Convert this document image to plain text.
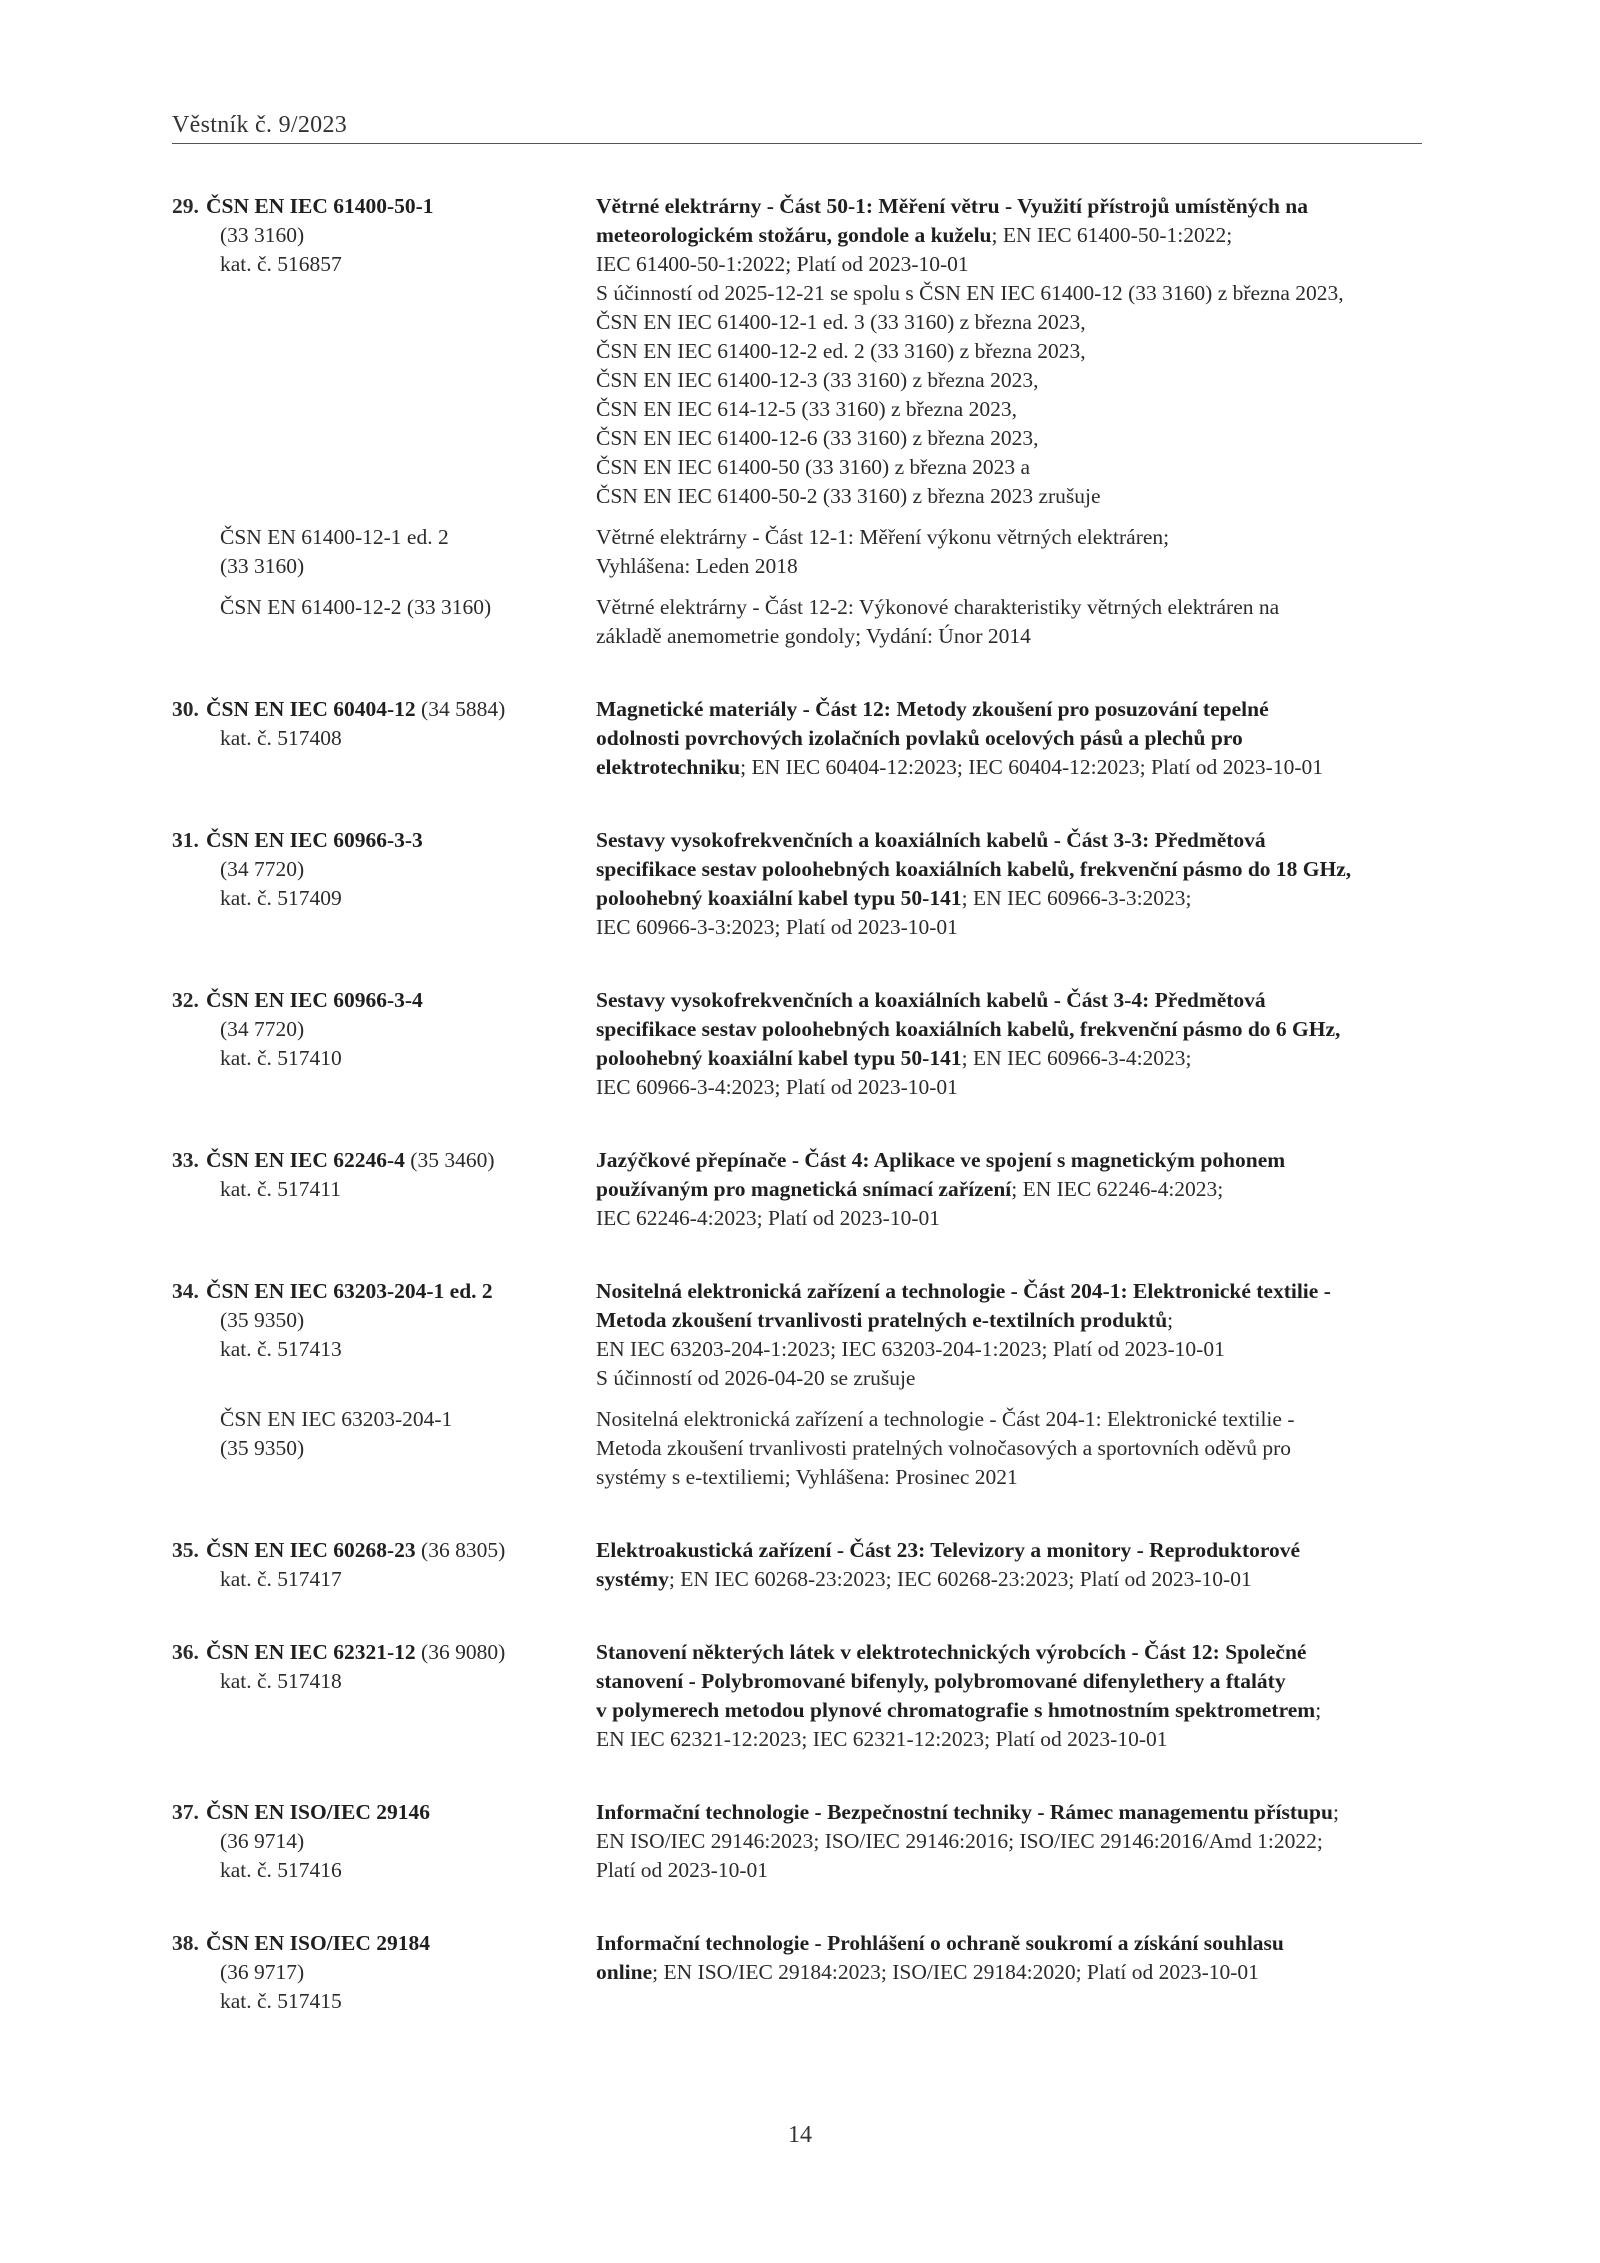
Věstník č. 9/2023
29. ČSN EN IEC 61400-50-1
(33 3160)
kat. č. 516857
Větrné elektrárny - Část 50-1: Měření větru - Využití přístrojů umístěných na
meteorologickém stožáru, gondole a kuželu; EN IEC 61400-50-1:2022;
IEC 61400-50-1:2022; Platí od 2023-10-01
S účinností od 2025-12-21 se spolu s ČSN EN IEC 61400-12 (33 3160) z března 2023,
ČSN EN IEC 61400-12-1 ed. 3 (33 3160) z března 2023,
ČSN EN IEC 61400-12-2 ed. 2 (33 3160) z března 2023,
ČSN EN IEC 61400-12-3 (33 3160) z března 2023,
ČSN EN IEC 614-12-5 (33 3160) z března 2023,
ČSN EN IEC 61400-12-6 (33 3160) z března 2023,
ČSN EN IEC 61400-50 (33 3160) z března 2023 a
ČSN EN IEC 61400-50-2 (33 3160) z března 2023 zrušuje
ČSN EN 61400-12-1 ed. 2
(33 3160)
Větrné elektrárny - Část 12-1: Měření výkonu větrných elektráren;
Vyhlášena: Leden 2018
ČSN EN 61400-12-2 (33 3160)	Větrné elektrárny - Část 12-2: Výkonové charakteristiky větrných elektráren na
základě anemometrie gondoly; Vydání: Únor 2014
30. ČSN EN IEC 60404-12 (34 5884)
kat. č. 517408
Magnetické materiály - Část 12: Metody zkoušení pro posuzování tepelné
odolnosti povrchových izolačních povlaků ocelových pásů a plechů pro
elektrotechniku; EN IEC 60404-12:2023; IEC 60404-12:2023; Platí od 2023-10-01
31. ČSN EN IEC 60966-3-3
(34 7720)
kat. č. 517409
Sestavy vysokofrekvenčních a koaxiálních kabelů - Část 3-3: Předmětová
specifikace sestav poloohebných koaxiálních kabelů, frekvenční pásmo do 18 GHz,
poloohebný koaxiální kabel typu 50-141; EN IEC 60966-3-3:2023;
IEC 60966-3-3:2023; Platí od 2023-10-01
32. ČSN EN IEC 60966-3-4
(34 7720)
kat. č. 517410
Sestavy vysokofrekvenčních a koaxiálních kabelů - Část 3-4: Předmětová
specifikace sestav poloohebných koaxiálních kabelů, frekvenční pásmo do 6 GHz,
poloohebný koaxiální kabel typu 50-141; EN IEC 60966-3-4:2023;
IEC 60966-3-4:2023; Platí od 2023-10-01
33. ČSN EN IEC 62246-4 (35 3460)
kat. č. 517411
Jazýčkové přepínače - Část 4: Aplikace ve spojení s magnetickým pohonem
používaným pro magnetická snímací zařízení; EN IEC 62246-4:2023;
IEC 62246-4:2023; Platí od 2023-10-01
34. ČSN EN IEC 63203-204-1 ed. 2
(35 9350)
kat. č. 517413
Nositelná elektronická zařízení a technologie - Část 204-1: Elektronické textilie -
Metoda zkoušení trvanlivosti pratelných e-textilních produktů;
EN IEC 63203-204-1:2023; IEC 63203-204-1:2023; Platí od 2023-10-01
S účinností od 2026-04-20 se zrušuje
ČSN EN IEC 63203-204-1
(35 9350)
Nositelná elektronická zařízení a technologie - Část 204-1: Elektronické textilie -
Metoda zkoušení trvanlivosti pratelných volnočasových a sportovních oděvů pro
systémy s e-textiliemi; Vyhlášena: Prosinec 2021
35. ČSN EN IEC 60268-23 (36 8305)
kat. č. 517417
Elektroakustická zařízení - Část 23: Televizory a monitory - Reproduktorové
systémy; EN IEC 60268-23:2023; IEC 60268-23:2023; Platí od 2023-10-01
36. ČSN EN IEC 62321-12 (36 9080)
kat. č. 517418
Stanovení některých látek v elektrotechnických výrobcích - Část 12: Společné
stanovení - Polybromované bifenyly, polybromované difenylethery a ftaláty
v polymerech metodou plynové chromatografie s hmotnostním spektrometrem;
EN IEC 62321-12:2023; IEC 62321-12:2023; Platí od 2023-10-01
37. ČSN EN ISO/IEC 29146
(36 9714)
kat. č. 517416
Informační technologie - Bezpečnostní techniky - Rámec managementu přístupu;
EN ISO/IEC 29146:2023; ISO/IEC 29146:2016; ISO/IEC 29146:2016/Amd 1:2022;
Platí od 2023-10-01
38. ČSN EN ISO/IEC 29184
(36 9717)
kat. č. 517415
Informační technologie - Prohlášení o ochraně soukromí a získání souhlasu
online; EN ISO/IEC 29184:2023; ISO/IEC 29184:2020; Platí od 2023-10-01
14
